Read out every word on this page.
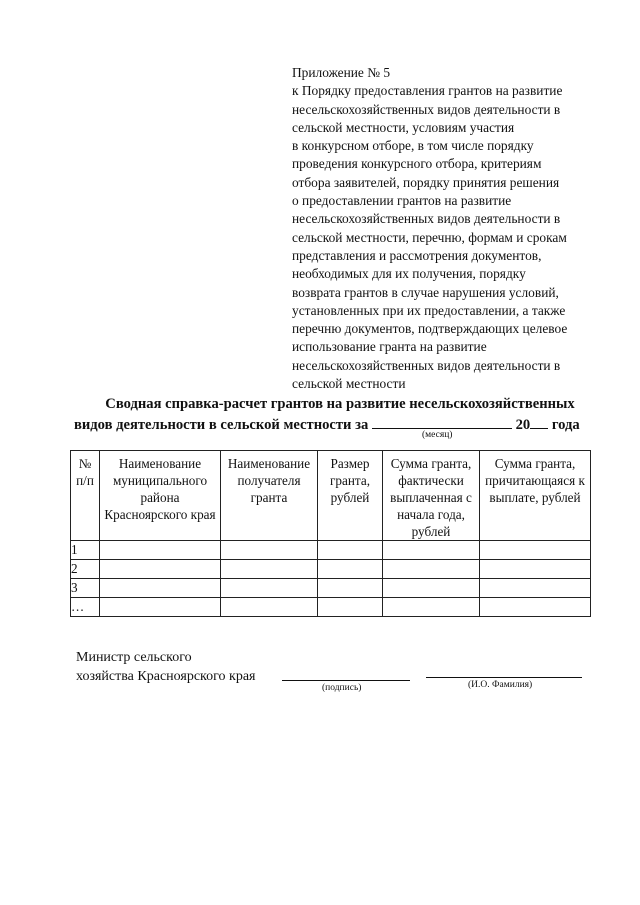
Приложение № 5
к Порядку предоставления грантов на развитие
несельскохозяйственных видов деятельности в
сельской местности, условиям участия
в конкурсном отборе, в том числе порядку
проведения конкурсного отбора, критериям
отбора заявителей, порядку принятия решения
о предоставлении грантов на развитие
несельскохозяйственных видов деятельности в
сельской местности, перечню, формам и срокам
представления и рассмотрения документов,
необходимых для их получения, порядку
возврата грантов в случае нарушения условий,
установленных при их предоставлении, а также
перечню документов, подтверждающих целевое
использование гранта на развитие
несельскохозяйственных видов деятельности в
сельской местности
Сводная справка-расчет грантов на развитие несельскохозяйственных
видов деятельности в сельской местности за	20 года
(месяц)
№ п/п	Наименование муниципального района Красноярского края	Наименование получателя гранта	Размер гранта, рублей	Сумма гранта, фактически выплаченная с начала года, рублей	Сумма гранта, причитающаяся к выплате, рублей
1					
2					
3					
…					
Министр сельского
хозяйства Красноярского края
(подпись)	(И.О. Фамилия)
